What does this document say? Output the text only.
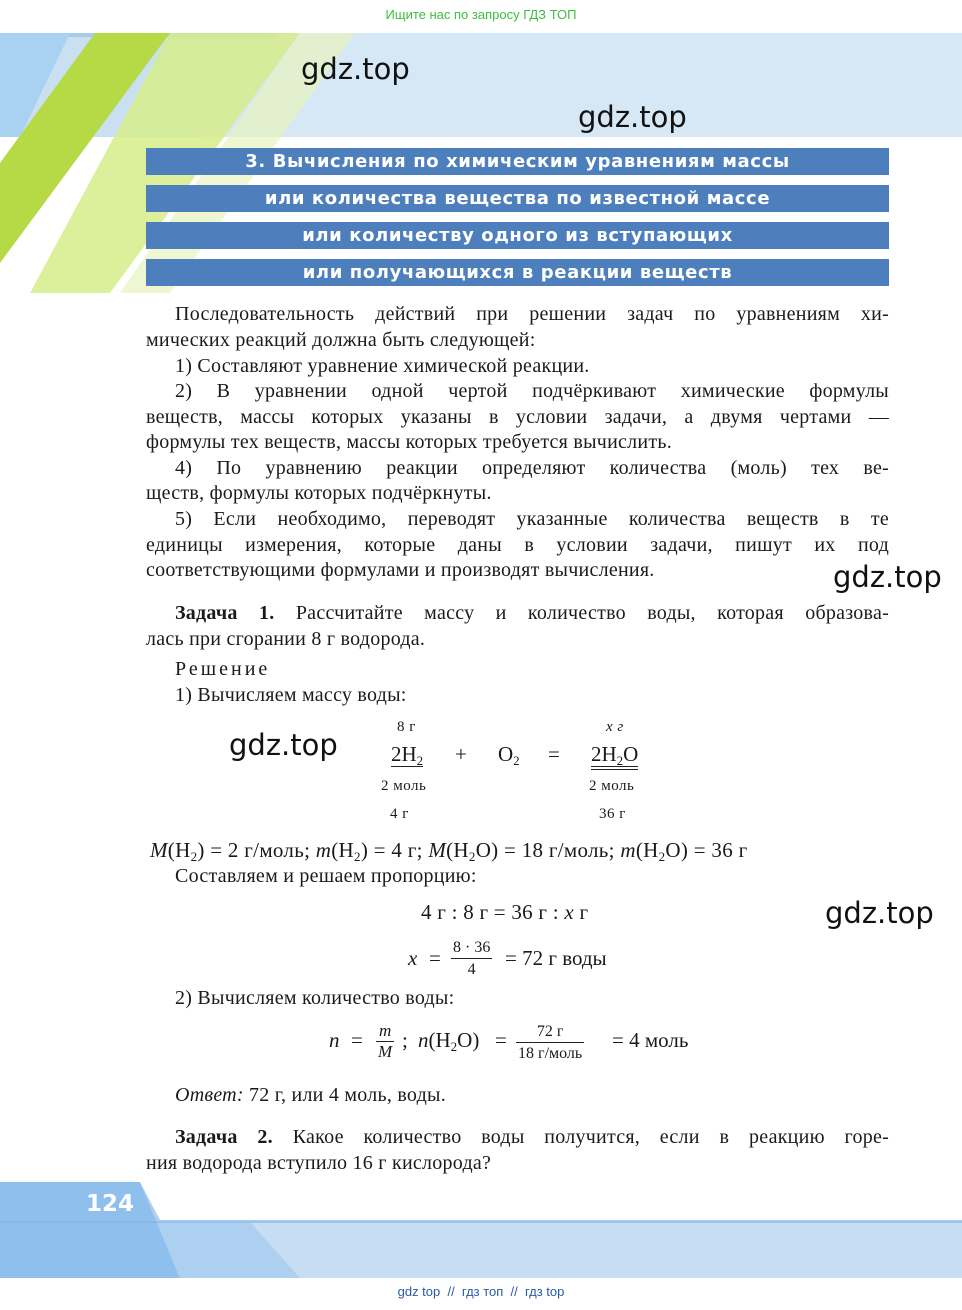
Ищите нас по запросу ГДЗ ТОП
gdz.top
gdz.top
gdz.top
gdz.top
gdz.top
3. Вычисления по химическим уравнениям массы
или количества вещества по известной массе
или количеству одного из вступающих
или получающихся в реакции веществ
Последовательность действий при решении задач по уравнениям хи-
мических реакций должна быть следующей:
1) Составляют уравнение химической реакции.
2) В уравнении одной чертой подчёркивают химические формулы
веществ, массы которых указаны в условии задачи, а двумя чертами —
формулы тех веществ, массы которых требуется вычислить.
4) По уравнению реакции определяют количества (моль) тех ве-
ществ, формулы которых подчёркнуты.
5) Если необходимо, переводят указанные количества веществ в те
единицы измерения, которые даны в условии задачи, пишут их под
соответствующими формулами и производят вычисления.
Задача 1. Рассчитайте массу и количество воды, которая образова-
лась при сгорании 8 г водорода.
Решение
1) Вычисляем массу воды:
8 г
$2H_2 + O_2$ =
x г
$2H_2O$
2 моль
4 г
2 моль
36 г
$M(H_2) = 2$ г/моль; $m(H_2) = 4$ г; $M(H_2O) = 18$ г/моль; $m(H_2O) = 36$ г
Составляем и решаем пропорцию:
4 г : 8 г = 36 г : x г
$x = \frac{8 \cdot 36}{4} = 72$ г воды
2) Вычисляем количество воды:
$n = \frac{m}{M}$ ; $n(H_2O)$ =	72 г
18 г/моль
= 4 моль
Ответ: 72 г, или 4 моль, воды.
Задача 2. Какое количество воды получится, если в реакцию горе-
ния водорода вступило 16 г кислорода?
124
gdz top  //  гдз топ  //  гдз top
